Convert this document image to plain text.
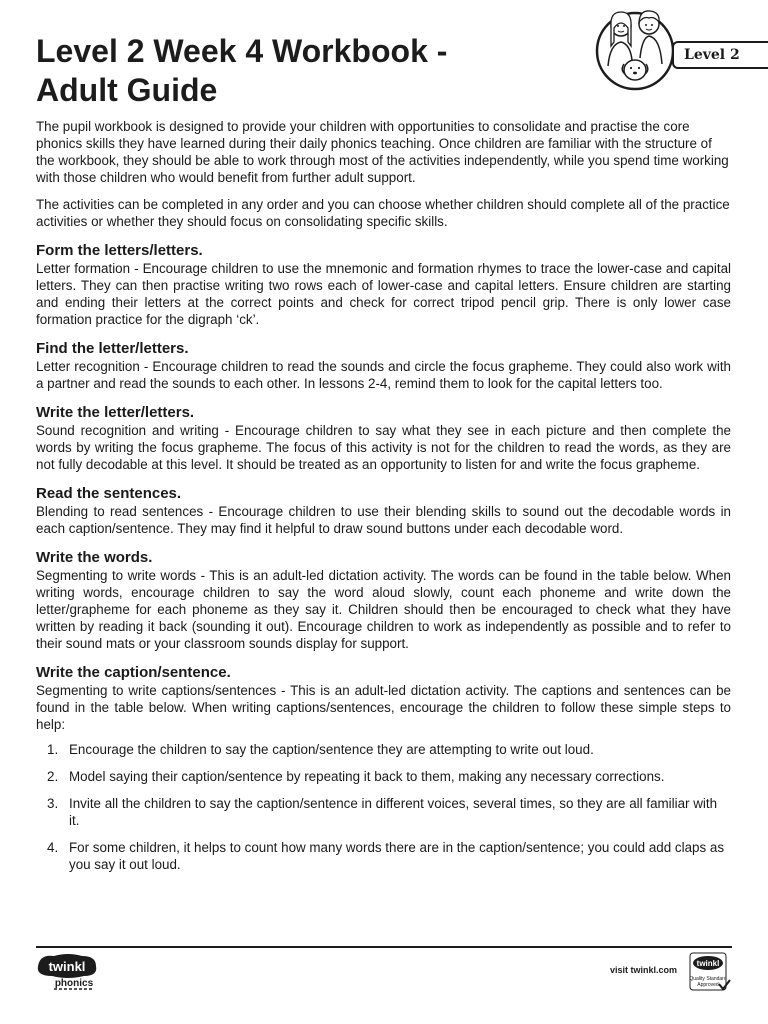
Level 2 Week 4 Workbook -
Adult Guide
Level 2

The pupil workbook is designed to provide your children with opportunities to consolidate and practise the core phonics skills they have learned during their daily phonics teaching. Once children are familiar with the structure of the workbook, they should be able to work through most of the activities independently, while you spend time working with those children who would benefit from further adult support.

The activities can be completed in any order and you can choose whether children should complete all of the practice activities or whether they should focus on consolidating specific skills.

Form the letters/letters.

Letter formation - Encourage children to use the mnemonic and formation rhymes to trace the lower-case and capital letters. They can then practise writing two rows each of lower-case and capital letters. Ensure children are starting and ending their letters at the correct points and check for correct tripod pencil grip. There is only lower case formation practice for the digraph ‘ck’.

Find the letter/letters.

Letter recognition - Encourage children to read the sounds and circle the focus grapheme. They could also work with a partner and read the sounds to each other. In lessons 2-4, remind them to look for the capital letters too.

Write the letter/letters.

Sound recognition and writing - Encourage children to say what they see in each picture and then complete the words by writing the focus grapheme. The focus of this activity is not for the children to read the words, as they are not fully decodable at this level. It should be treated as an opportunity to listen for and write the focus grapheme.

Read the sentences.

Blending to read sentences - Encourage children to use their blending skills to sound out the decodable words in each caption/sentence. They may find it helpful to draw sound buttons under each decodable word.

Write the words.

Segmenting to write words - This is an adult-led dictation activity. The words can be found in the table below. When writing words, encourage children to say the word aloud slowly, count each phoneme and write down the letter/grapheme for each phoneme as they say it. Children should then be encouraged to check what they have written by reading it back (sounding it out). Encourage children to work as independently as possible and to refer to their sound mats or your classroom sounds display for support.

Write the caption/sentence.

Segmenting to write captions/sentences - This is an adult-led dictation activity. The captions and sentences can be found in the table below. When writing captions/sentences, encourage the children to follow these simple steps to help:

1. Encourage the children to say the caption/sentence they are attempting to write out loud.
2. Model saying their caption/sentence by repeating it back to them, making any necessary corrections.
3. Invite all the children to say the caption/sentence in different voices, several times, so they are all familiar with it.
4. For some children, it helps to count how many words there are in the caption/sentence; you could add claps as you say it out loud.
twinkl
phonics
visit twinkl.com
twinkl
Quality Standard Approved
